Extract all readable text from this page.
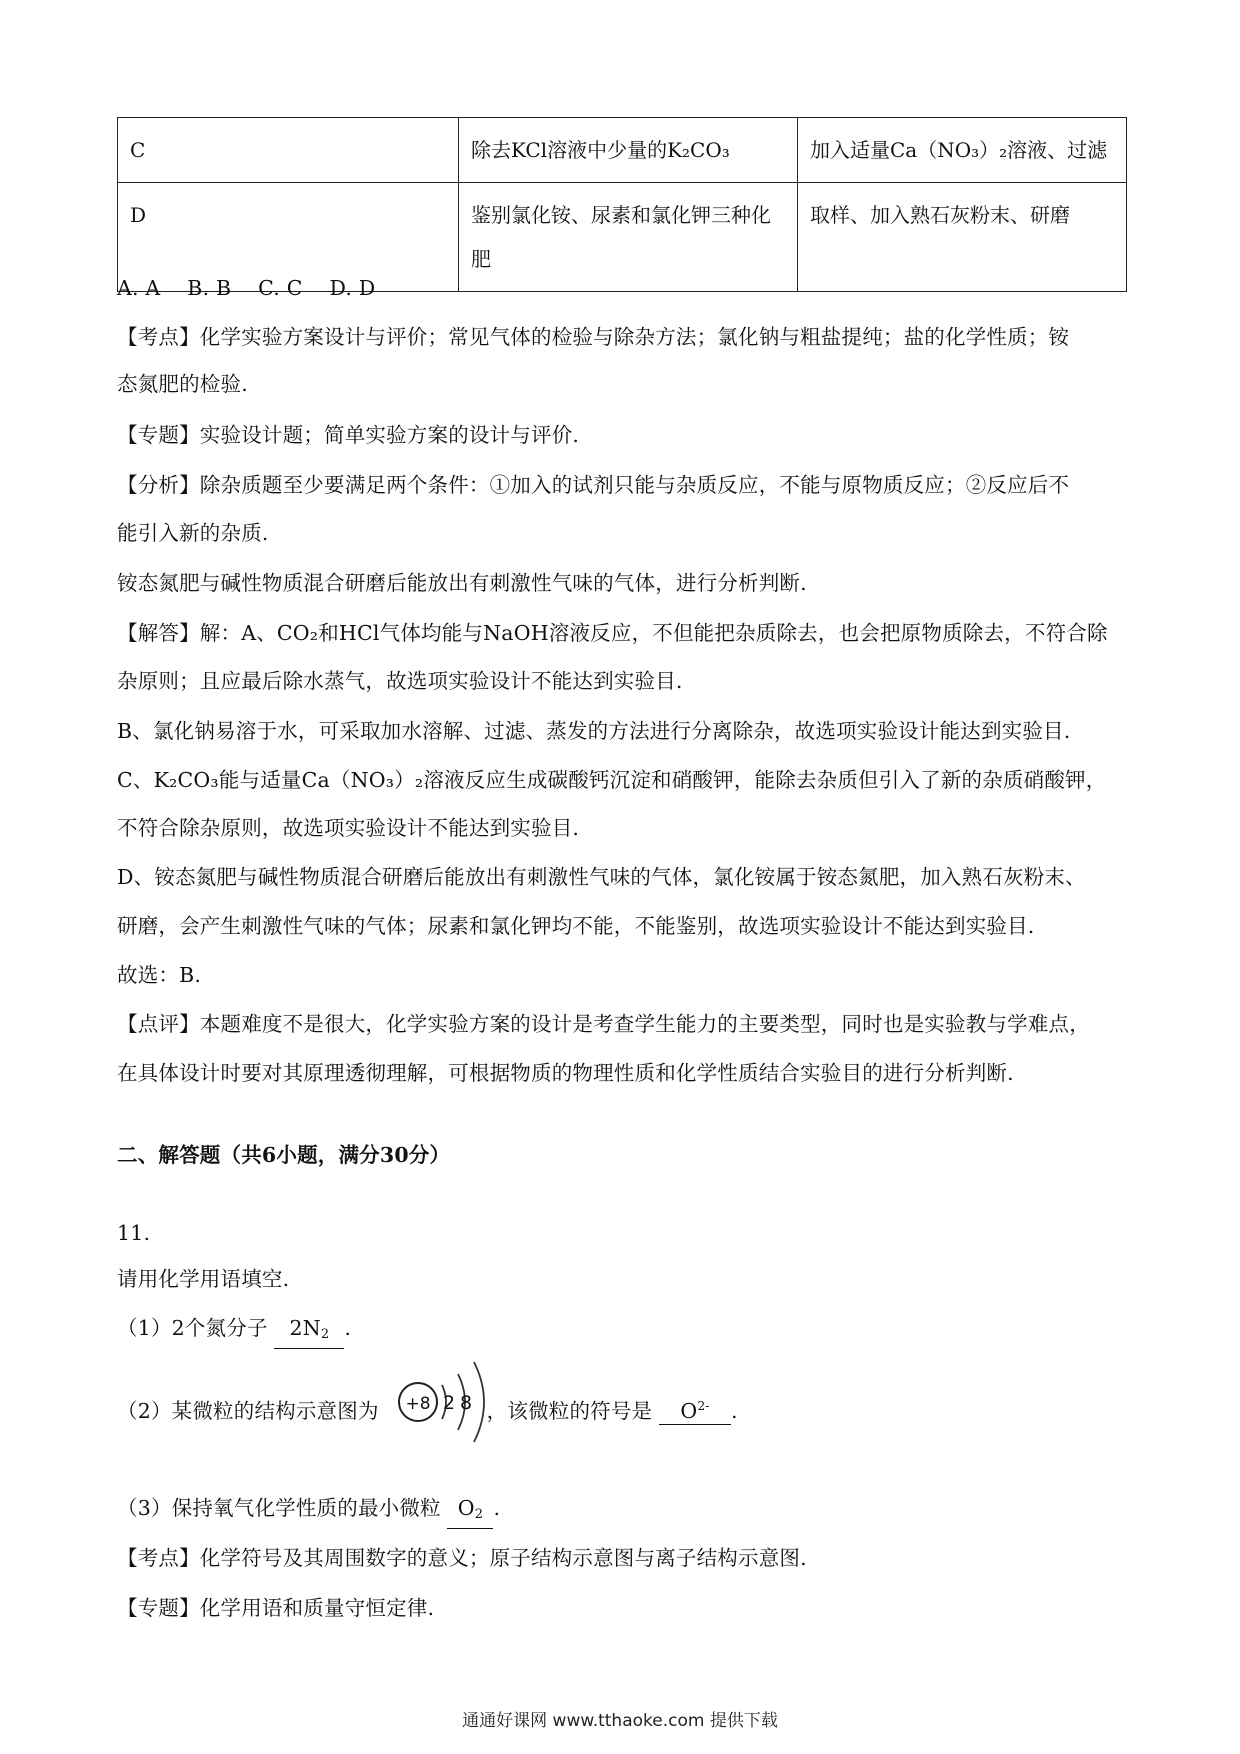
C	除去KCl溶液中少量的K₂CO₃	加入适量Ca（NO₃）₂溶液、过滤
D	鉴别氯化铵、尿素和氯化钾三种化肥	取样、加入熟石灰粉末、研磨
A. A    B. B    C. C    D. D
【考点】化学实验方案设计与评价；常见气体的检验与除杂方法；氯化钠与粗盐提纯；盐的化学性质；铵
态氮肥的检验.
【专题】实验设计题；简单实验方案的设计与评价.
【分析】除杂质题至少要满足两个条件：①加入的试剂只能与杂质反应，不能与原物质反应；②反应后不
能引入新的杂质.
铵态氮肥与碱性物质混合研磨后能放出有刺激性气味的气体，进行分析判断.
【解答】解：A、CO₂和HCl气体均能与NaOH溶液反应，不但能把杂质除去，也会把原物质除去，不符合除
杂原则；且应最后除水蒸气，故选项实验设计不能达到实验目.
B、氯化钠易溶于水，可采取加水溶解、过滤、蒸发的方法进行分离除杂，故选项实验设计能达到实验目.
C、K₂CO₃能与适量Ca（NO₃）₂溶液反应生成碳酸钙沉淀和硝酸钾，能除去杂质但引入了新的杂质硝酸钾，
不符合除杂原则，故选项实验设计不能达到实验目.
D、铵态氮肥与碱性物质混合研磨后能放出有刺激性气味的气体，氯化铵属于铵态氮肥，加入熟石灰粉末、
研磨，会产生刺激性气味的气体；尿素和氯化钾均不能，不能鉴别，故选项实验设计不能达到实验目.
故选：B.
【点评】本题难度不是很大，化学实验方案的设计是考查学生能力的主要类型，同时也是实验教与学难点，
在具体设计时要对其原理透彻理解，可根据物质的物理性质和化学性质结合实验目的进行分析判断.
二、解答题（共6小题，满分30分）
11.
请用化学用语填空.
（1）2个氮分子 $2N_2$ .
（2）某微粒的结构示意图为	，该微粒的符号是 $O^{2-}$ .
+8 2 8
（3）保持氧气化学性质的最小微粒 $O_2$ .
【考点】化学符号及其周围数字的意义；原子结构示意图与离子结构示意图.
【专题】化学用语和质量守恒定律.
通通好课网 www.tthaoke.com 提供下载
